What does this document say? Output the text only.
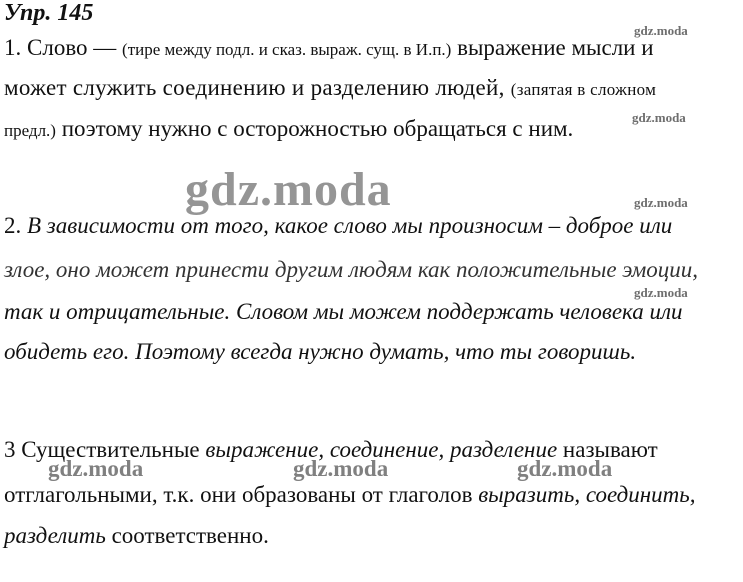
Упр. 145
gdz.moda
gdz.moda
gdz.moda
gdz.moda
1. Слово — (тире между подл. и сказ. выраж. сущ. в И.п.) выражение мысли и
может служить соединению и разделению людей, (запятая в сложном
предл.) поэтому нужно с осторожностью обращаться с ним.
gdz.moda
2. В зависимости от того, какое слово мы произносим – доброе или
злое, оно может принести другим людям как положительные эмоции,
так и отрицательные. Словом мы можем поддержать человека или
обидеть его. Поэтому всегда нужно думать, что ты говоришь.
3 Существительные выражение, соединение, разделение называют
gdz.moda	gdz.moda	gdz.moda
отглагольными, т.к. они образованы от глаголов выразить, соединить,
разделить соответственно.
